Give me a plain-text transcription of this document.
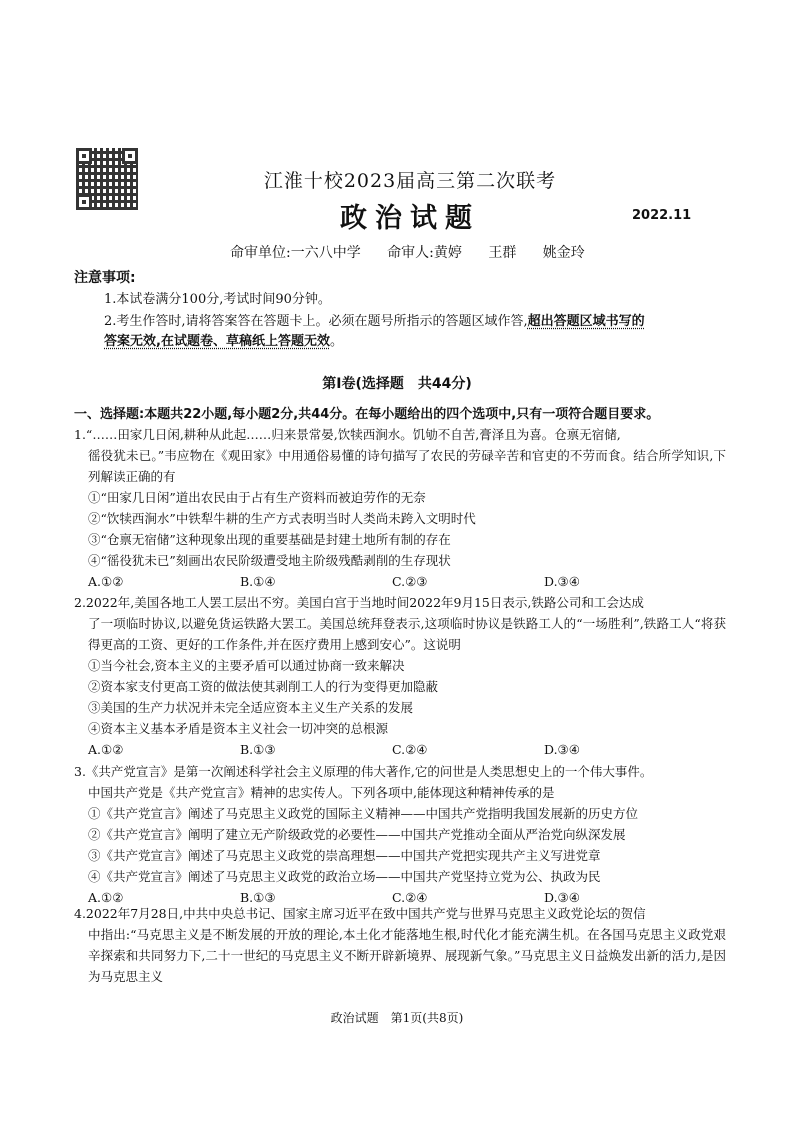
江淮十校2023届高三第二次联考
政治试题	2022.11
命审单位:一六八中学 命审人:黄婷 王群 姚金玲
注意事项:
1.本试卷满分100分,考试时间90分钟。
2.考生作答时,请将答案答在答题卡上。必须在题号所指示的答题区域作答,超出答题区域书写的
答案无效,在试题卷、草稿纸上答题无效。
第Ⅰ卷(选择题　共44分)
一、选择题:本题共22小题,每小题2分,共44分。在每小题给出的四个选项中,只有一项符合题目要求。

1.“……田家几日闲,耕种从此起……归来景常晏,饮犊西涧水。饥劬不自苦,膏泽且为喜。仓禀无宿储,

徭役犹未已。”韦应物在《观田家》中用通俗易懂的诗句描写了农民的劳碌辛苦和官吏的不劳而食。结合所学知识,下列解读正确的有

①“田家几日闲”道出农民由于占有生产资料而被迫劳作的无奈

②“饮犊西涧水”中铁犁牛耕的生产方式表明当时人类尚未跨入文明时代

③“仓禀无宿储”这种现象出现的重要基础是封建土地所有制的存在

④“徭役犹未已”刻画出农民阶级遭受地主阶级残酷剥削的生存现状

A.①②	B.①④	C.②③	D.③④

2.2022年,美国各地工人罢工层出不穷。美国白宫于当地时间2022年9月15日表示,铁路公司和工会达成

了一项临时协议,以避免货运铁路大罢工。美国总统拜登表示,这项临时协议是铁路工人的“一场胜利”,铁路工人“将获得更高的工资、更好的工作条件,并在医疗费用上感到安心”。这说明

①当今社会,资本主义的主要矛盾可以通过协商一致来解决

②资本家支付更高工资的做法使其剥削工人的行为变得更加隐蔽

③美国的生产力状况并未完全适应资本主义生产关系的发展

④资本主义基本矛盾是资本主义社会一切冲突的总根源

A.①②	B.①③	C.②④	D.③④

3.《共产党宣言》是第一次阐述科学社会主义原理的伟大著作,它的问世是人类思想史上的一个伟大事件。

中国共产党是《共产党宣言》精神的忠实传人。下列各项中,能体现这种精神传承的是

①《共产党宣言》阐述了马克思主义政党的国际主义精神——中国共产党指明我国发展新的历史方位

②《共产党宣言》阐明了建立无产阶级政党的必要性——中国共产党推动全面从严治党向纵深发展

③《共产党宣言》阐述了马克思主义政党的崇高理想——中国共产党把实现共产主义写进党章

④《共产党宣言》阐述了马克思主义政党的政治立场——中国共产党坚持立党为公、执政为民

A.①②	B.①③	C.②④	D.③④

4.2022年7月28日,中共中央总书记、国家主席习近平在致中国共产党与世界马克思主义政党论坛的贺信

中指出:“马克思主义是不断发展的开放的理论,本土化才能落地生根,时代化才能充满生机。在各国马克思主义政党艰辛探索和共同努力下,二十一世纪的马克思主义不断开辟新境界、展现新气象。”马克思主义日益焕发出新的活力,是因为马克思主义

政治试题　第1页(共8页)
